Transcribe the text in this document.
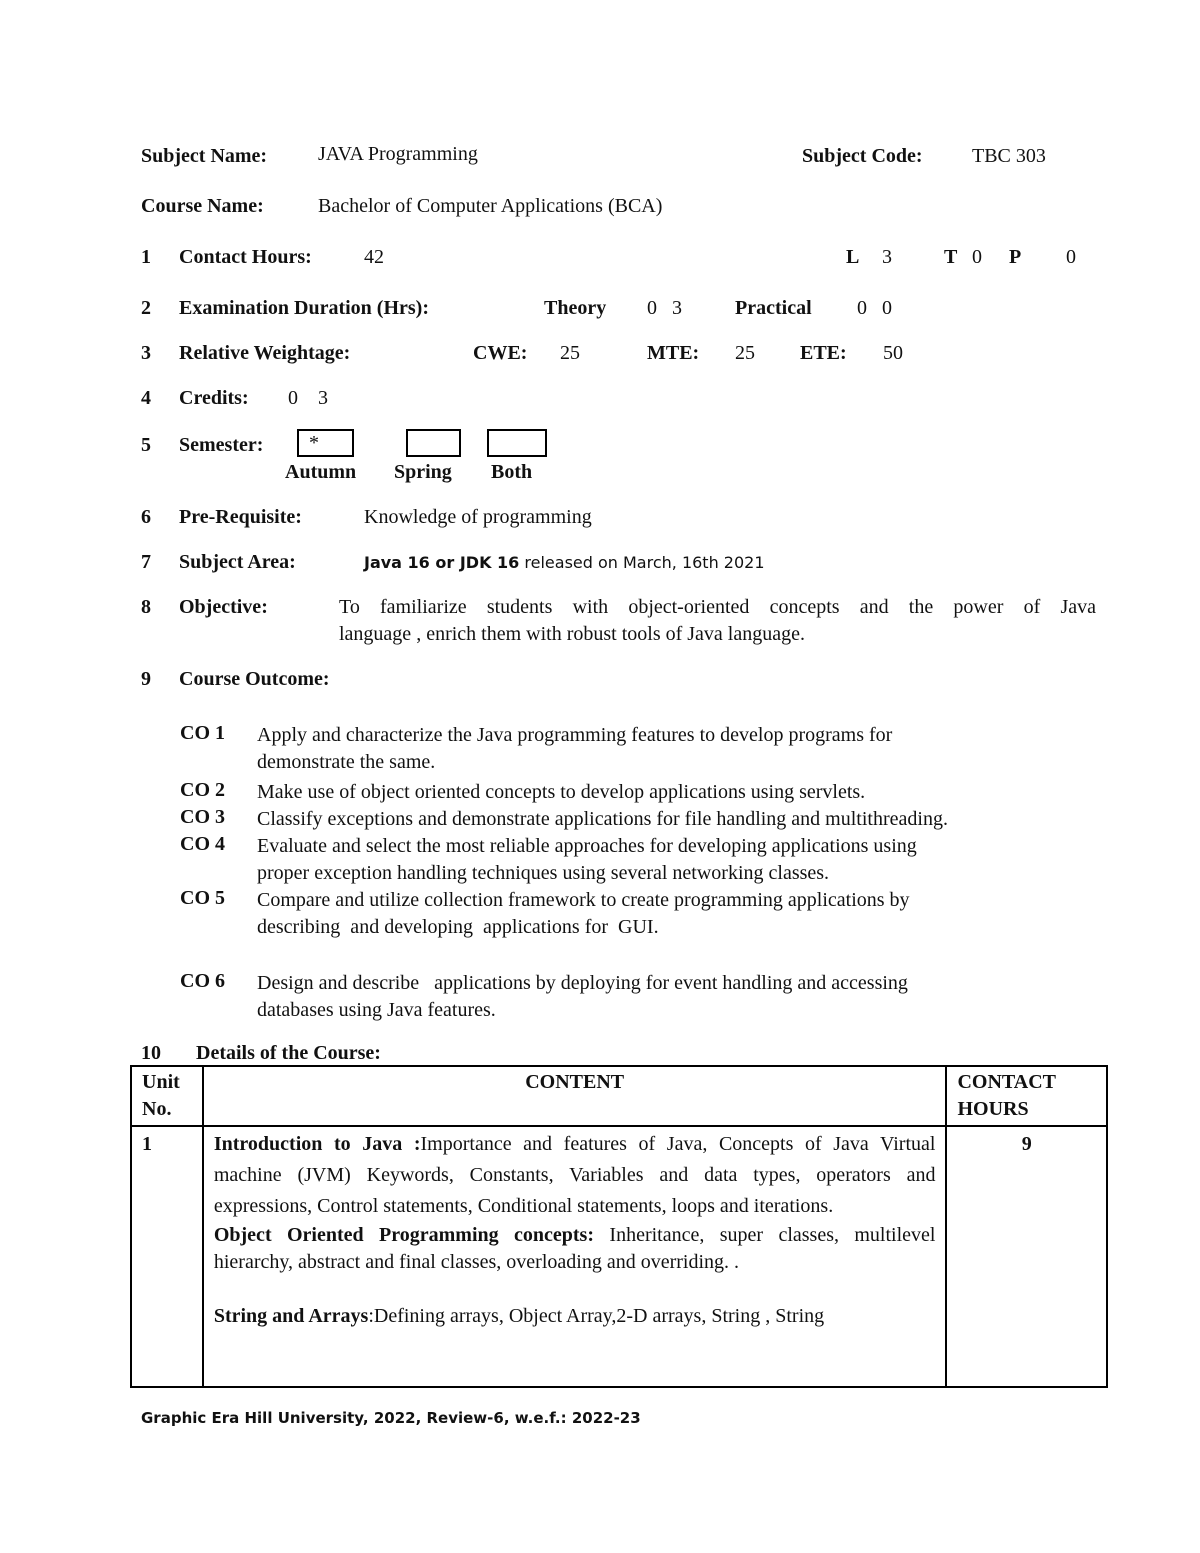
Subject Name:	JAVA Programming	Subject Code: TBC 303
Course Name:	Bachelor of Computer Applications (BCA)
1 Contact Hours:	42	L 3	T 0 P 0
2 Examination Duration (Hrs):	Theory 0   3	Practical 0   0
3 Relative Weightage:	CWE: 25	MTE: 25 ETE: 50
4 Credits: 0    3
5 Semester:	*
Autumn Spring Both
6 Pre-Requisite:	Knowledge of programming
7 Subject Area:	Java 16 or JDK 16 released on March, 16th 2021
8 Objective:	To familiarize students with object-oriented concepts and the power of Java
language , enrich them with robust tools of Java language.
9 Course Outcome:
CO 1 Apply and characterize the Java programming features to develop programs for
demonstrate the same.
CO 2 Make use of object oriented concepts to develop applications using servlets.
CO 3 Classify exceptions and demonstrate applications for file handling and multithreading.
CO 4 Evaluate and select the most reliable approaches for developing applications using
proper exception handling techniques using several networking classes.
CO 5 Compare and utilize collection framework to create programming applications by
describing  and developing  applications for  GUI.
CO 6 Design and describe   applications by deploying for event handling and accessing
databases using Java features.
10 Details of the Course:
Unit No.	CONTENT	CONTACT HOURS
1	Introduction to Java :Importance and features of Java, Concepts of Java Virtual machine (JVM) Keywords, Constants, Variables and data types, operators and expressions, Control statements, Conditional statements, loops and iterations.
Object Oriented Programming concepts: Inheritance, super classes, multilevel hierarchy, abstract and final classes, overloading and overriding. .
String and Arrays:Defining arrays, Object Array,2-D arrays, String , String	9
Graphic Era Hill University, 2022, Review-6, w.e.f.: 2022-23
